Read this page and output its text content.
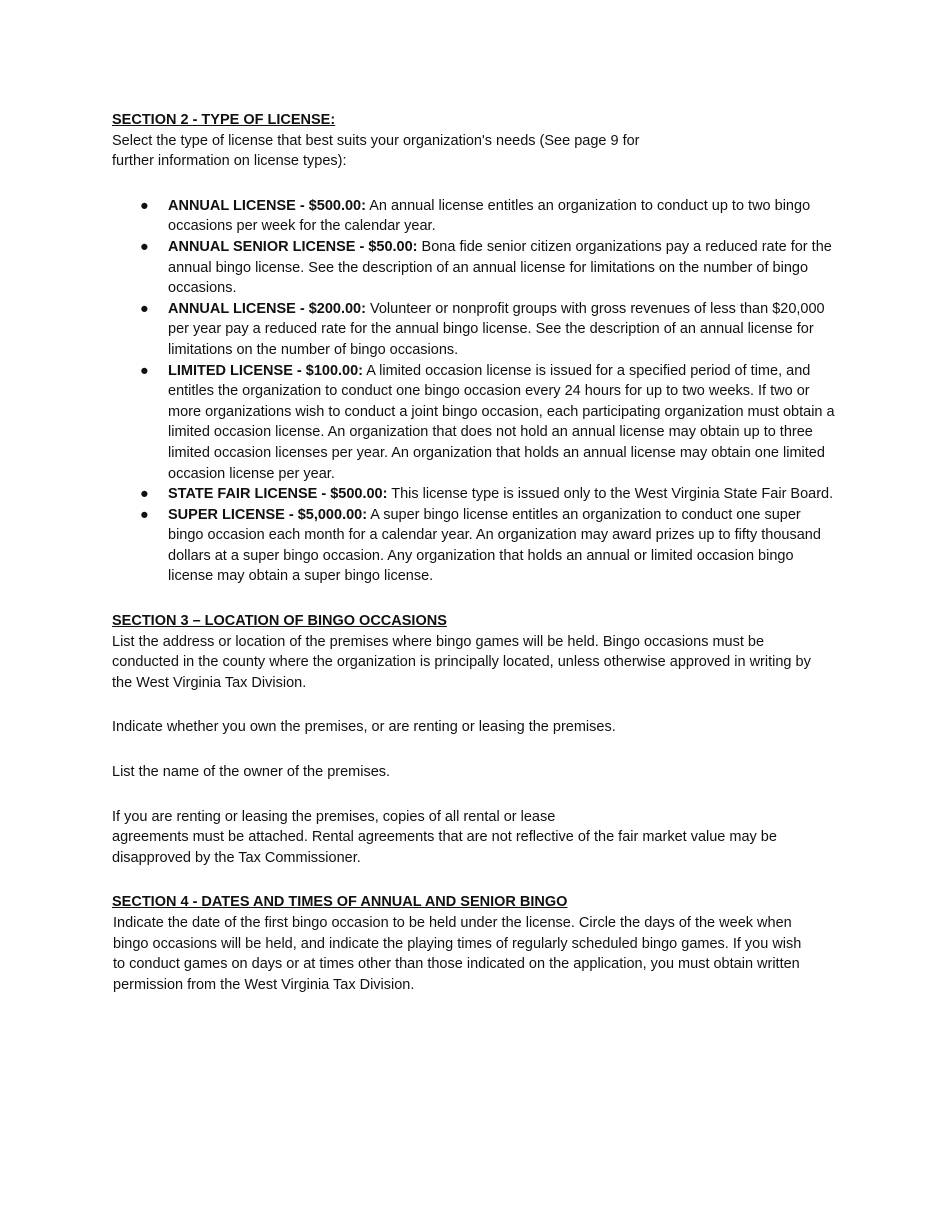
SECTION 2 - TYPE OF LICENSE:

Select the type of license that best suits your organization's needs (See page 9 for
further information on license types):

● ANNUAL LICENSE - $500.00: An annual license entitles an organization to conduct up to two bingo occasions per week for the calendar year.
● ANNUAL SENIOR LICENSE - $50.00: Bona fide senior citizen organizations pay a reduced rate for the annual bingo license. See the description of an annual license for limitations on the number of bingo occasions.
● ANNUAL LICENSE - $200.00: Volunteer or nonprofit groups with gross revenues of less than $20,000 per year pay a reduced rate for the annual bingo license. See the description of an annual license for limitations on the number of bingo occasions.
● LIMITED LICENSE - $100.00: A limited occasion license is issued for a specified period of time, and entitles the organization to conduct one bingo occasion every 24 hours for up to two weeks. If two or more organizations wish to conduct a joint bingo occasion, each participating organization must obtain a limited occasion license. An organization that does not hold an annual license may obtain up to three limited occasion licenses per year. An organization that holds an annual license may obtain one limited occasion license per year.
● STATE FAIR LICENSE - $500.00: This license type is issued only to the West Virginia State Fair Board.
● SUPER LICENSE - $5,000.00: A super bingo license entitles an organization to conduct one super bingo occasion each month for a calendar year. An organization may award prizes up to fifty thousand dollars at a super bingo occasion. Any organization that holds an annual or limited occasion bingo license may obtain a super bingo license.

SECTION 3 – LOCATION OF BINGO OCCASIONS

List the address or location of the premises where bingo games will be held. Bingo occasions must be conducted in the county where the organization is principally located, unless otherwise approved in writing by the West Virginia Tax Division.

Indicate whether you own the premises, or are renting or leasing the premises.

List the name of the owner of the premises.

If you are renting or leasing the premises, copies of all rental or lease
agreements must be attached. Rental agreements that are not reflective of the fair market value may be disapproved by the Tax Commissioner.

SECTION 4 - DATES AND TIMES OF ANNUAL AND SENIOR BINGO

Indicate the date of the first bingo occasion to be held under the license. Circle the days of the week when bingo occasions will be held, and indicate the playing times of regularly scheduled bingo games. If you wish to conduct games on days or at times other than those indicated on the application, you must obtain written permission from the West Virginia Tax Division.
